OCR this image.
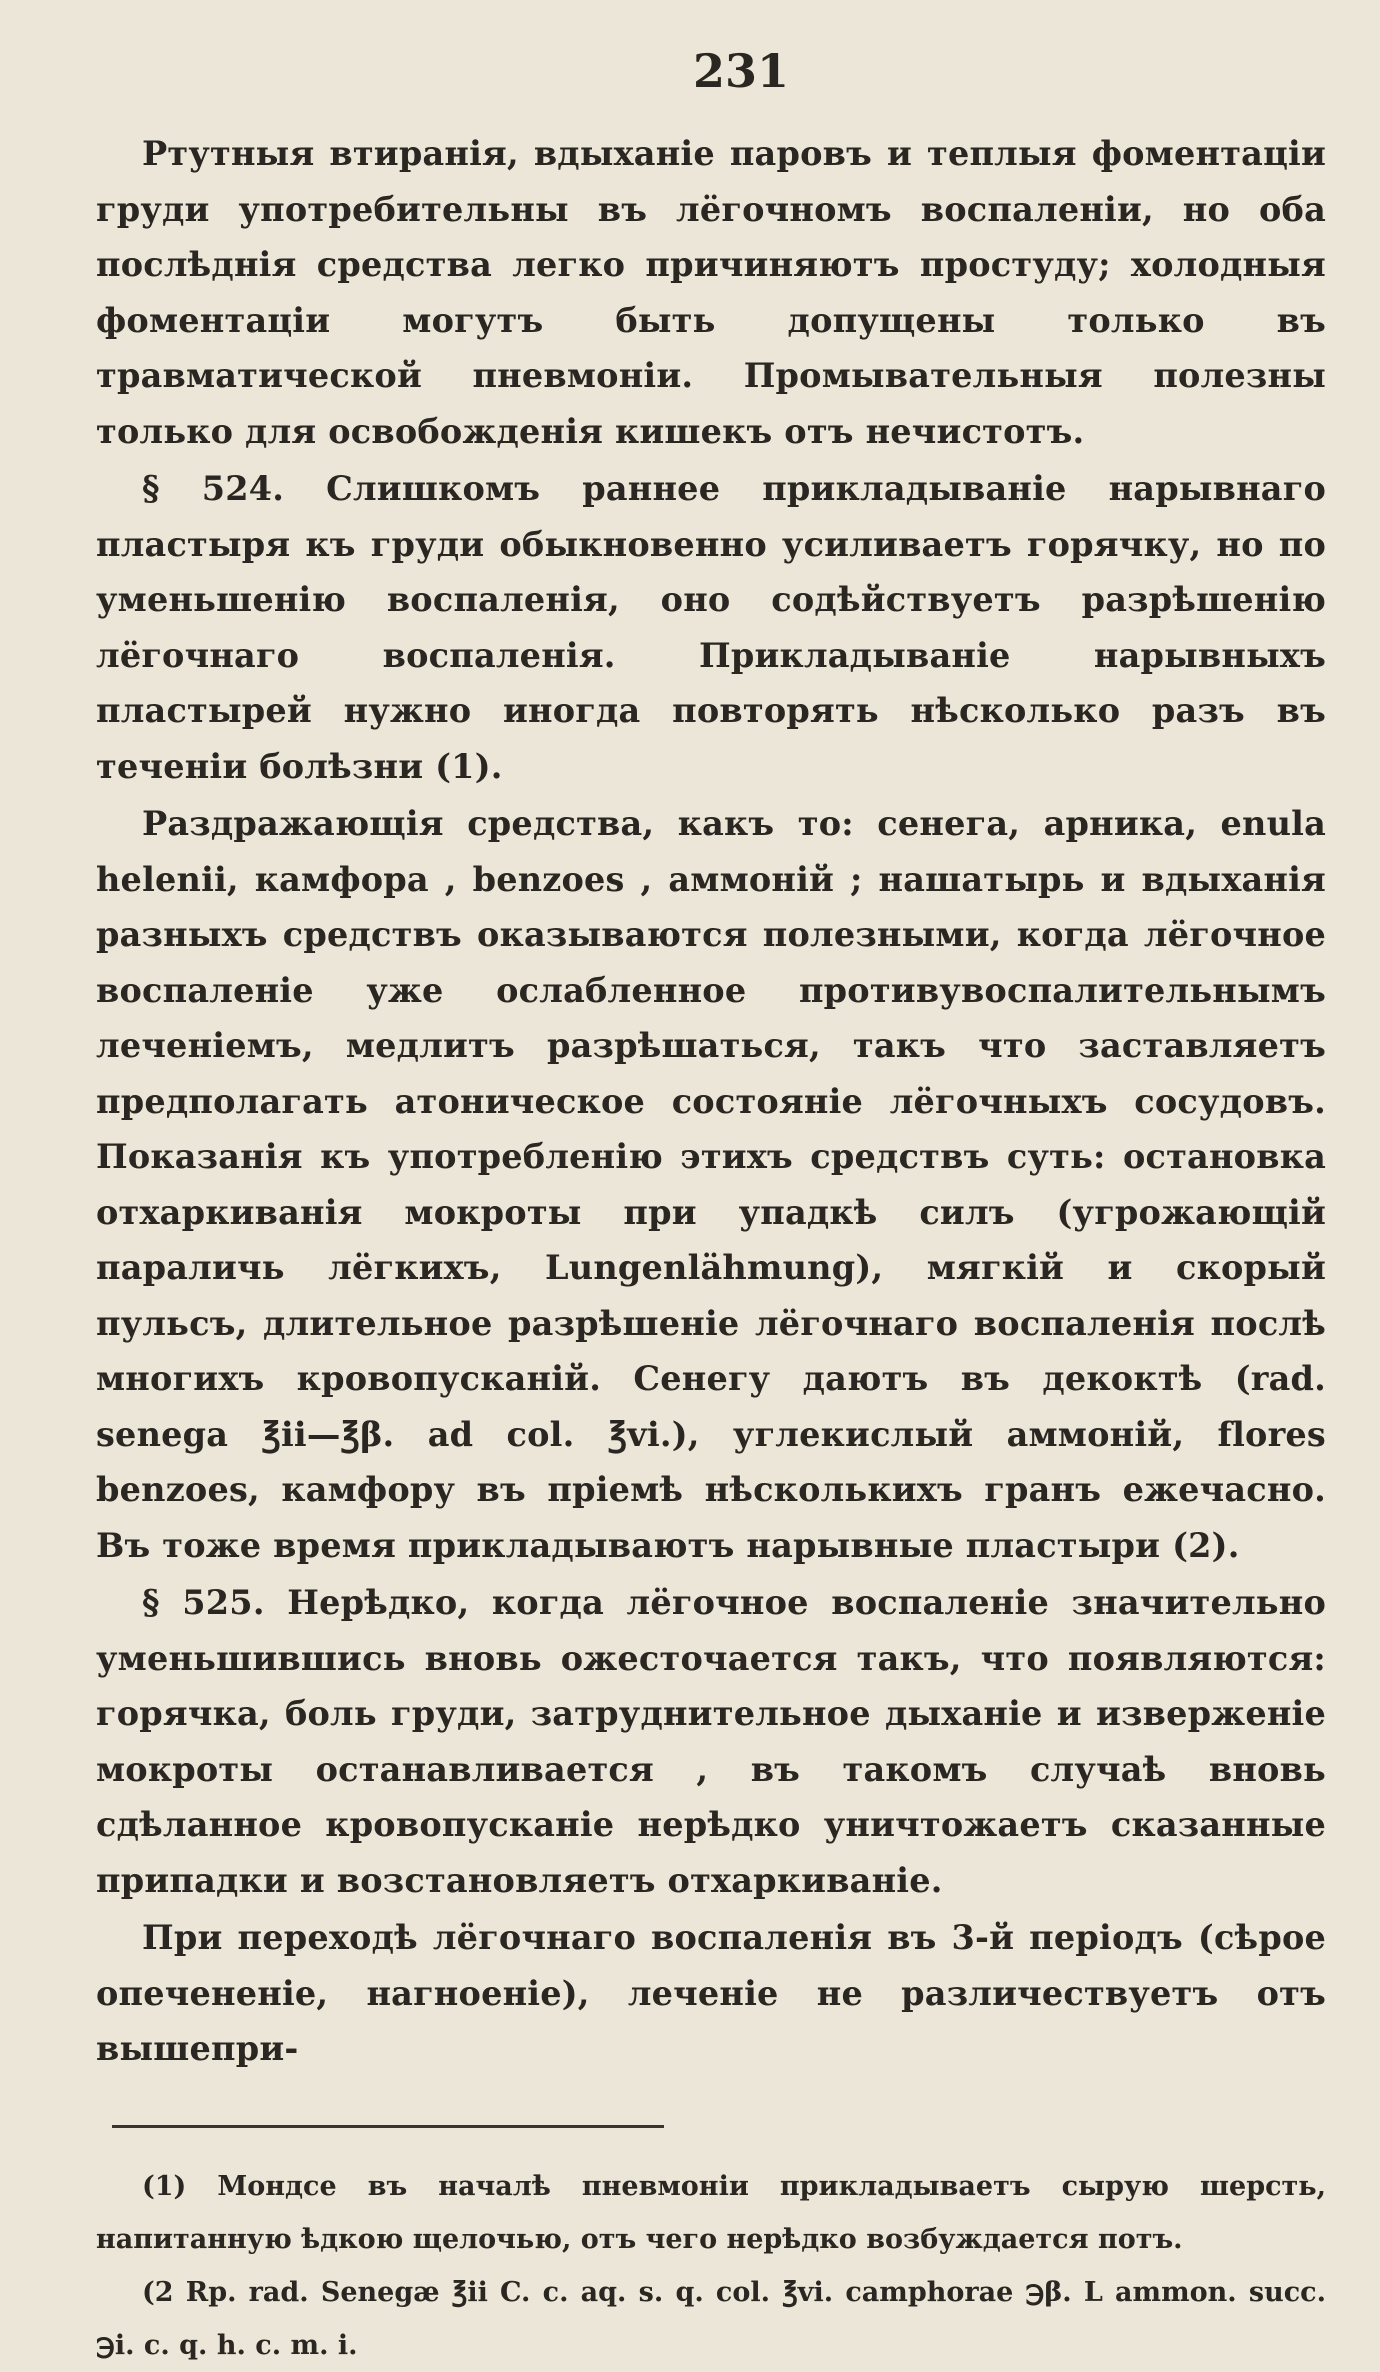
231

Ртутныя втиранія, вдыханіе паровъ и теплыя фоментаціи груди употребительны въ лёгочномъ воспаленіи, но оба послѣднія средства легко причиняютъ простуду; холодныя фоментаціи могутъ быть допущены только въ травматической пневмоніи. Промывательныя полезны только для освобожденія кишекъ отъ нечистотъ.

§ 524. Слишкомъ раннее прикладываніе нарывнаго пластыря къ груди обыкновенно усиливаетъ горячку, но по уменьшенію воспаленія, оно содѣйствуетъ разрѣшенію лёгочнаго воспаленія. Прикладываніе нарывныхъ пластырей нужно иногда повторять нѣсколько разъ въ теченіи болѣзни (1).

Раздражающія средства, какъ то: сенега, арника, enula helenii, камфора , benzoes , аммоній ; нашатырь и вдыханія разныхъ средствъ оказываются полезными, когда лёгочное воспаленіе уже ослабленное противувоспалительнымъ леченіемъ, медлитъ разрѣшаться, такъ что заставляетъ предполагать атоническое состояніе лёгочныхъ сосудовъ. Показанія къ употребленію этихъ средствъ суть: остановка отхаркиванія мокроты при упадкѣ силъ (угрожающій параличь лёгкихъ, Lungenlähmung), мягкій и скорый пульсъ, длительное разрѣшеніе лёгочнаго воспаленія послѣ многихъ кровопусканій. Сенегу даютъ въ декоктѣ (rad. senega ℥ii—℥β. ad col. ℥vi.), углекислый аммоній, flores benzoes, камфору въ пріемѣ нѣсколькихъ гранъ ежечасно. Въ тоже время прикладываютъ нарывные пластыри (2).

§ 525. Нерѣдко, когда лёгочное воспаленіе значительно уменьшившись вновь ожесточается такъ, что появляются: горячка, боль груди, затруднительное дыханіе и изверженіе мокроты останавливается , въ такомъ случаѣ вновь сдѣланное кровопусканіе нерѣдко уничтожаетъ сказанные припадки и возстановляетъ отхаркиваніе.

При переходѣ лёгочнаго воспаленія въ 3-й періодъ (сѣрое опечененіе, нагноеніе), леченіе не различествуетъ отъ вышепри-

(1) Мондсе въ началѣ пневмоніи прикладываетъ сырую шерсть, напитанную ѣдкою щелочью, отъ чего нерѣдко возбуждается потъ.

(2 Rp. rad. Senegæ ℥ii C. c. aq. s. q. col. ℥vi. camphorae ℈β. L ammon. succ. ℈i. c. q. h. c. m. i.
